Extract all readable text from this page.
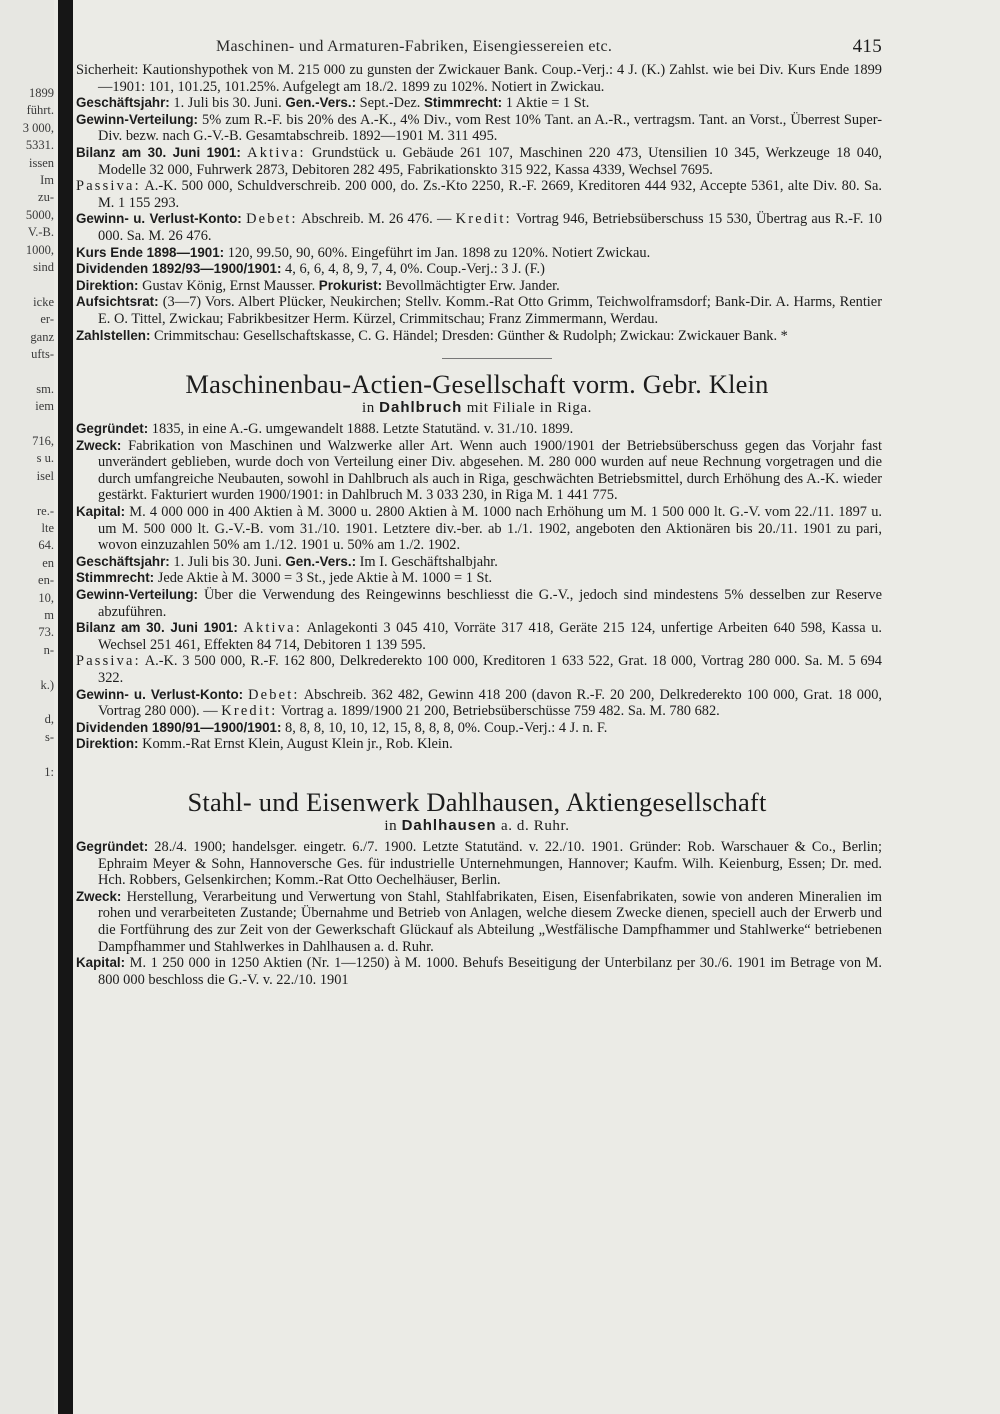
1899
führt.
3 000,
5331.
issen
Im
zu-
5000,
V.-B.
1000,
sind
icke
er-
ganz
ufts-
sm.
iem
716,
s u.
isel
re.-
lte
64.
en
en-
10,
m
73.
n-
k.)
d,
s-
1:
Maschinen- und Armaturen-Fabriken, Eisengiessereien etc.	415

Sicherheit: Kautionshypothek von M. 215 000 zu gunsten der Zwickauer Bank. Coup.-Verj.: 4 J. (K.) Zahlst. wie bei Div. Kurs Ende 1899—1901: 101, 101.25, 101.25%. Aufgelegt am 18./2. 1899 zu 102%. Notiert in Zwickau.

Geschäftsjahr: 1. Juli bis 30. Juni. Gen.-Vers.: Sept.-Dez. Stimmrecht: 1 Aktie = 1 St.

Gewinn-Verteilung: 5% zum R.-F. bis 20% des A.-K., 4% Div., vom Rest 10% Tant. an A.-R., vertragsm. Tant. an Vorst., Überrest Super-Div. bezw. nach G.-V.-B. Gesamtabschreib. 1892—1901 M. 311 495.

Bilanz am 30. Juni 1901: Aktiva: Grundstück u. Gebäude 261 107, Maschinen 220 473, Utensilien 10 345, Werkzeuge 18 040, Modelle 32 000, Fuhrwerk 2873, Debitoren 282 495, Fabrikationskto 315 922, Kassa 4339, Wechsel 7695.

Passiva: A.-K. 500 000, Schuldverschreib. 200 000, do. Zs.-Kto 2250, R.-F. 2669, Kreditoren 444 932, Accepte 5361, alte Div. 80. Sa. M. 1 155 293.

Gewinn- u. Verlust-Konto: Debet: Abschreib. M. 26 476. — Kredit: Vortrag 946, Betriebsüberschuss 15 530, Übertrag aus R.-F. 10 000. Sa. M. 26 476.

Kurs Ende 1898—1901: 120, 99.50, 90, 60%. Eingeführt im Jan. 1898 zu 120%. Notiert Zwickau.

Dividenden 1892/93—1900/1901: 4, 6, 6, 4, 8, 9, 7, 4, 0%. Coup.-Verj.: 3 J. (F.)

Direktion: Gustav König, Ernst Mausser. Prokurist: Bevollmächtigter Erw. Jander.

Aufsichtsrat: (3—7) Vors. Albert Plücker, Neukirchen; Stellv. Komm.-Rat Otto Grimm, Teichwolframsdorf; Bank-Dir. A. Harms, Rentier E. O. Tittel, Zwickau; Fabrikbesitzer Herm. Kürzel, Crimmitschau; Franz Zimmermann, Werdau.

Zahlstellen: Crimmitschau: Gesellschaftskasse, C. G. Händel; Dresden: Günther & Rudolph; Zwickau: Zwickauer Bank. *

Maschinenbau-Actien-Gesellschaft vorm. Gebr. Klein
in Dahlbruch mit Filiale in Riga.

Gegründet: 1835, in eine A.-G. umgewandelt 1888. Letzte Statutänd. v. 31./10. 1899.

Zweck: Fabrikation von Maschinen und Walzwerke aller Art. Wenn auch 1900/1901 der Betriebsüberschuss gegen das Vorjahr fast unverändert geblieben, wurde doch von Verteilung einer Div. abgesehen. M. 280 000 wurden auf neue Rechnung vorgetragen und die durch umfangreiche Neubauten, sowohl in Dahlbruch als auch in Riga, geschwächten Betriebsmittel, durch Erhöhung des A.-K. wieder gestärkt. Fakturiert wurden 1900/1901: in Dahlbruch M. 3 033 230, in Riga M. 1 441 775.

Kapital: M. 4 000 000 in 400 Aktien à M. 3000 u. 2800 Aktien à M. 1000 nach Erhöhung um M. 1 500 000 lt. G.-V. vom 22./11. 1897 u. um M. 500 000 lt. G.-V.-B. vom 31./10. 1901. Letztere div.-ber. ab 1./1. 1902, angeboten den Aktionären bis 20./11. 1901 zu pari, wovon einzuzahlen 50% am 1./12. 1901 u. 50% am 1./2. 1902.

Geschäftsjahr: 1. Juli bis 30. Juni. Gen.-Vers.: Im I. Geschäftshalbjahr.

Stimmrecht: Jede Aktie à M. 3000 = 3 St., jede Aktie à M. 1000 = 1 St.

Gewinn-Verteilung: Über die Verwendung des Reingewinns beschliesst die G.-V., jedoch sind mindestens 5% desselben zur Reserve abzuführen.

Bilanz am 30. Juni 1901: Aktiva: Anlagekonti 3 045 410, Vorräte 317 418, Geräte 215 124, unfertige Arbeiten 640 598, Kassa u. Wechsel 251 461, Effekten 84 714, Debitoren 1 139 595.

Passiva: A.-K. 3 500 000, R.-F. 162 800, Delkrederekto 100 000, Kreditoren 1 633 522, Grat. 18 000, Vortrag 280 000. Sa. M. 5 694 322.

Gewinn- u. Verlust-Konto: Debet: Abschreib. 362 482, Gewinn 418 200 (davon R.-F. 20 200, Delkrederekto 100 000, Grat. 18 000, Vortrag 280 000). — Kredit: Vortrag a. 1899/1900 21 200, Betriebsüberschüsse 759 482. Sa. M. 780 682.

Dividenden 1890/91—1900/1901: 8, 8, 8, 10, 10, 12, 15, 8, 8, 8, 0%. Coup.-Verj.: 4 J. n. F.

Direktion: Komm.-Rat Ernst Klein, August Klein jr., Rob. Klein.

Stahl- und Eisenwerk Dahlhausen, Aktiengesellschaft
in Dahlhausen a. d. Ruhr.

Gegründet: 28./4. 1900; handelsger. eingetr. 6./7. 1900. Letzte Statutänd. v. 22./10. 1901. Gründer: Rob. Warschauer & Co., Berlin; Ephraim Meyer & Sohn, Hannoversche Ges. für industrielle Unternehmungen, Hannover; Kaufm. Wilh. Keienburg, Essen; Dr. med. Hch. Robbers, Gelsenkirchen; Komm.-Rat Otto Oechelhäuser, Berlin.

Zweck: Herstellung, Verarbeitung und Verwertung von Stahl, Stahlfabrikaten, Eisen, Eisenfabrikaten, sowie von anderen Mineralien im rohen und verarbeiteten Zustande; Übernahme und Betrieb von Anlagen, welche diesem Zwecke dienen, speciell auch der Erwerb und die Fortführung des zur Zeit von der Gewerkschaft Glückauf als Abteilung „Westfälische Dampfhammer und Stahlwerke“ betriebenen Dampfhammer und Stahlwerkes in Dahlhausen a. d. Ruhr.

Kapital: M. 1 250 000 in 1250 Aktien (Nr. 1—1250) à M. 1000. Behufs Beseitigung der Unterbilanz per 30./6. 1901 im Betrage von M. 800 000 beschloss die G.-V. v. 22./10. 1901
